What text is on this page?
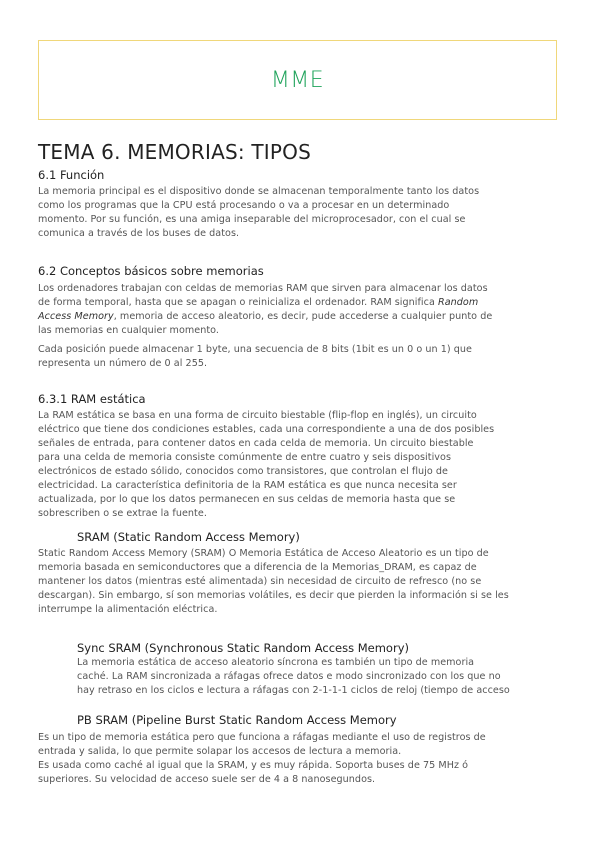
MME
TEMA 6. MEMORIAS: TIPOS
6.1 Función
La memoria principal es el dispositivo donde se almacenan temporalmente tanto los datos
como los programas que la CPU está procesando o va a procesar en un determinado
momento. Por su función, es una amiga inseparable del microprocesador, con el cual se
comunica a través de los buses de datos.
6.2 Conceptos básicos sobre memorias
Los ordenadores trabajan con celdas de memorias RAM que sirven para almacenar los datos
de forma temporal, hasta que se apagan o reinicializa el ordenador. RAM significa Random
Access Memory, memoria de acceso aleatorio, es decir, pude accederse a cualquier punto de
las memorias en cualquier momento.
Cada posición puede almacenar 1 byte, una secuencia de 8 bits (1bit es un 0 o un 1) que
representa un número de 0 al 255.
6.3.1 RAM estática
La RAM estática se basa en una forma de circuito biestable (flip-flop en inglés), un circuito
eléctrico que tiene dos condiciones estables, cada una correspondiente a una de dos posibles
señales de entrada, para contener datos en cada celda de memoria. Un circuito biestable
para una celda de memoria consiste comúnmente de entre cuatro y seis dispositivos
electrónicos de estado sólido, conocidos como transistores, que controlan el flujo de
electricidad. La característica definitoria de la RAM estática es que nunca necesita ser
actualizada, por lo que los datos permanecen en sus celdas de memoria hasta que se
sobrescriben o se extrae la fuente.
SRAM (Static Random Access Memory)
Static Random Access Memory (SRAM) O Memoria Estática de Acceso Aleatorio es un tipo de
memoria basada en semiconductores que a diferencia de la Memorias_DRAM, es capaz de
mantener los datos (mientras esté alimentada) sin necesidad de circuito de refresco (no se
descargan). Sin embargo, sí son memorias volátiles, es decir que pierden la información si se les
interrumpe la alimentación eléctrica.
Sync SRAM (Synchronous Static Random Access Memory)
La memoria estática de acceso aleatorio síncrona es también un tipo de memoria
caché. La RAM sincronizada a ráfagas ofrece datos e modo sincronizado con los que no
hay retraso en los ciclos e lectura a ráfagas con 2-1-1-1 ciclos de reloj (tiempo de acceso
PB SRAM (Pipeline Burst Static Random Access Memory
Es un tipo de memoria estática pero que funciona a ráfagas mediante el uso de registros de
entrada y salida, lo que permite solapar los accesos de lectura a memoria.
Es usada como caché al igual que la SRAM, y es muy rápida. Soporta buses de 75 MHz ó
superiores. Su velocidad de acceso suele ser de 4 a 8 nanosegundos.
